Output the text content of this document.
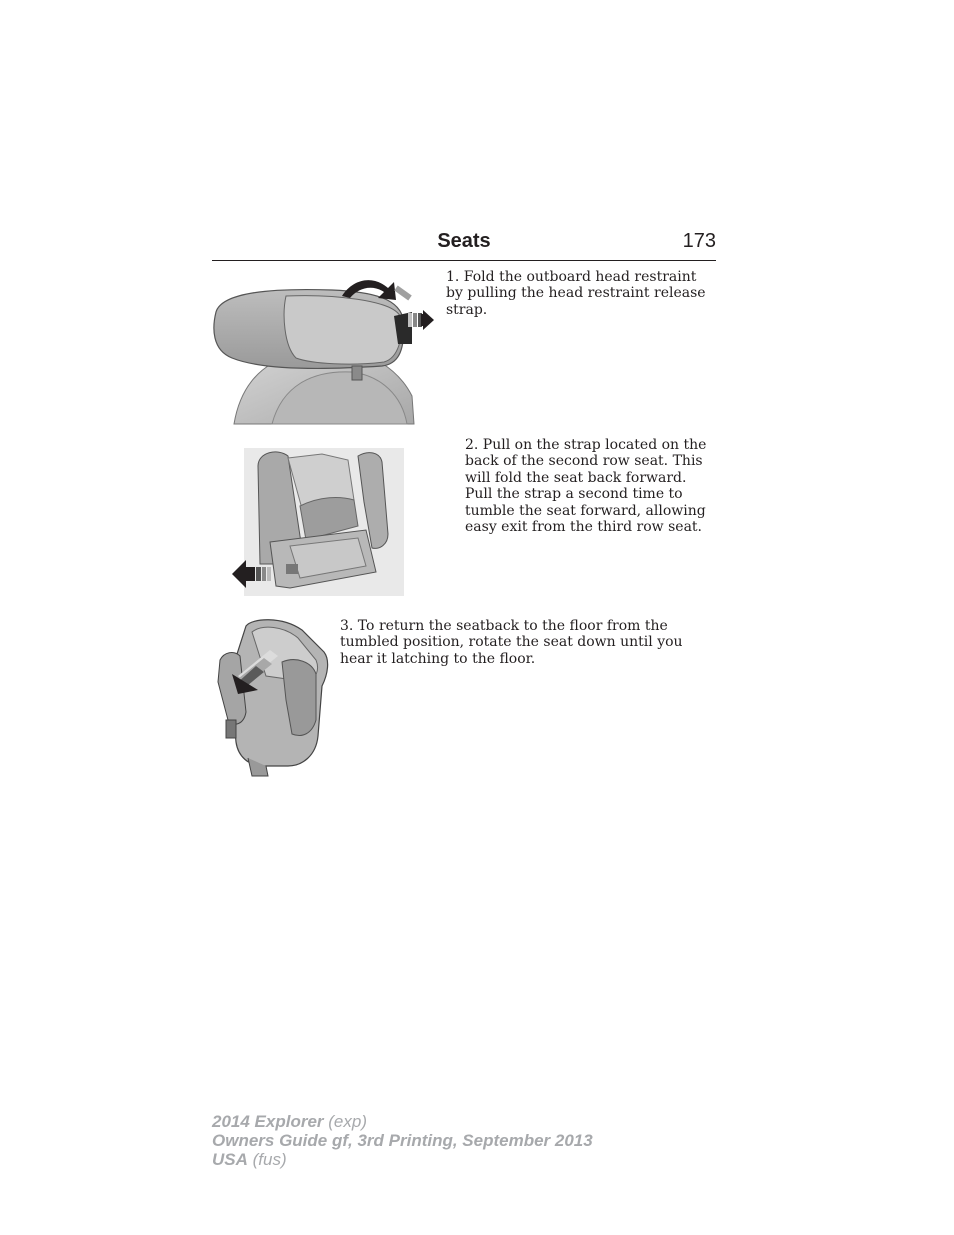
Seats	173
1. Fold the outboard head restraint by pulling the head restraint release strap.
2. Pull on the strap located on the back of the second row seat. This will fold the seat back forward. Pull the strap a second time to tumble the seat forward, allowing easy exit from the third row seat.
3. To return the seatback to the floor from the tumbled position, rotate the seat down until you hear it latching to the floor.
2014 Explorer (exp)
Owners Guide gf, 3rd Printing, September 2013
USA (fus)
